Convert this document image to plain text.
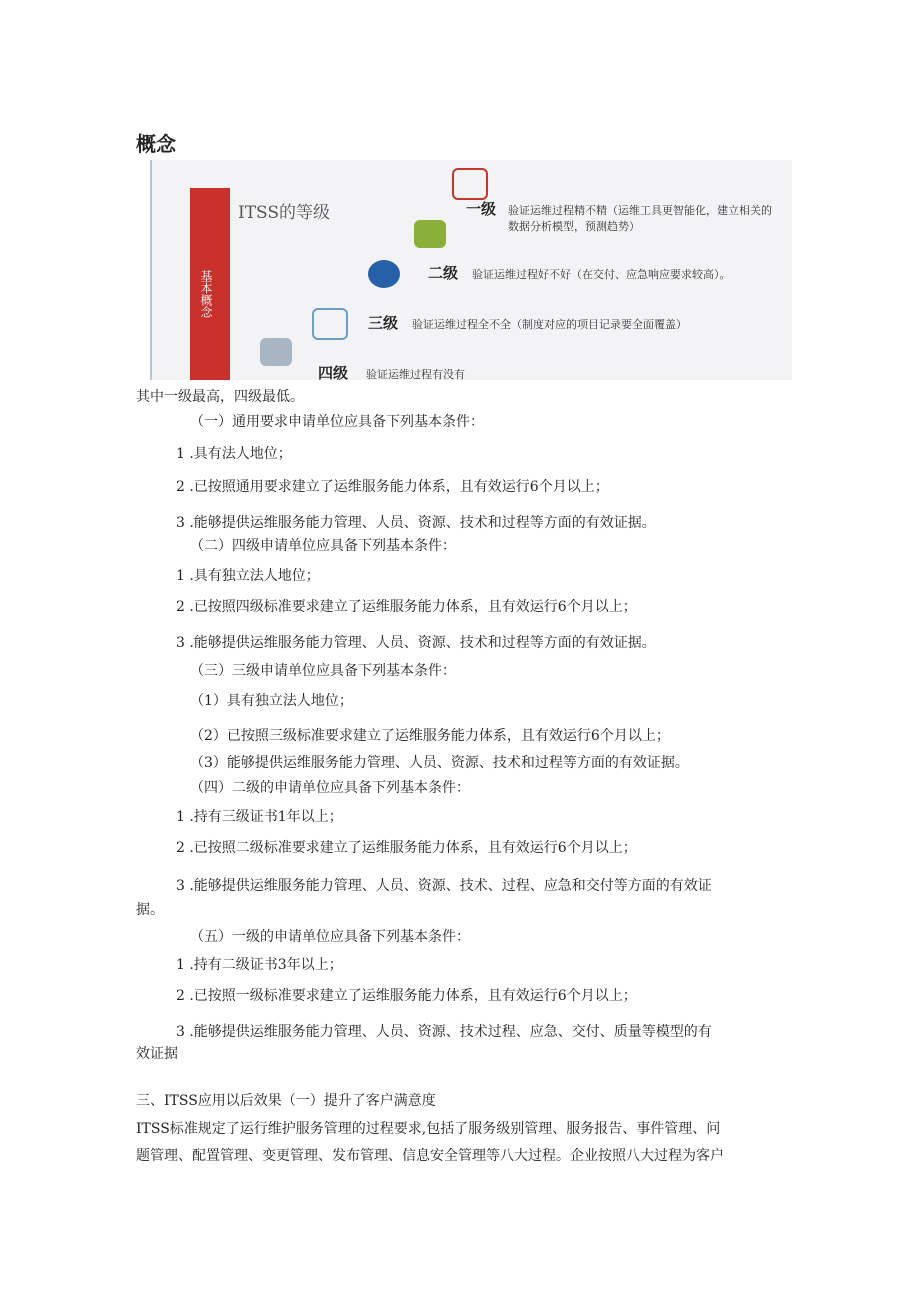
概念
基本概念
ITSS的等级	一级 验证运维过程精不精（运维工具更智能化，建立相关的
数据分析模型，预测趋势）
二级 验证运维过程好不好（在交付、应急响应要求较高）。
三级 验证运维过程全不全（制度对应的项目记录要全面覆盖）
四级 验证运维过程有没有
其中一级最高，四级最低。
（一）通用要求申请单位应具备下列基本条件：
1 .具有法人地位；
2 .已按照通用要求建立了运维服务能力体系，且有效运行6个月以上；
3 .能够提供运维服务能力管理、人员、资源、技术和过程等方面的有效证据。
（二）四级申请单位应具备下列基本条件：
1 .具有独立法人地位；
2 .已按照四级标准要求建立了运维服务能力体系，且有效运行6个月以上；
3 .能够提供运维服务能力管理、人员、资源、技术和过程等方面的有效证据。
（三）三级申请单位应具备下列基本条件：
（1）具有独立法人地位；
（2）已按照三级标准要求建立了运维服务能力体系，且有效运行6个月以上；
（3）能够提供运维服务能力管理、人员、资源、技术和过程等方面的有效证据。
（四）二级的申请单位应具备下列基本条件：
1 .持有三级证书1年以上；
2 .已按照二级标准要求建立了运维服务能力体系，且有效运行6个月以上；
3 .能够提供运维服务能力管理、人员、资源、技术、过程、应急和交付等方面的有效证
据。
（五）一级的申请单位应具备下列基本条件：
1 .持有二级证书3年以上；
2 .已按照一级标准要求建立了运维服务能力体系，且有效运行6个月以上；
3 .能够提供运维服务能力管理、人员、资源、技术过程、应急、交付、质量等模型的有
效证据
三、ITSS应用以后效果（一）提升了客户满意度
ITSS标准规定了运行维护服务管理的过程要求,包括了服务级别管理、服务报告、事件管理、问
题管理、配置管理、变更管理、发布管理、信息安全管理等八大过程。企业按照八大过程为客户
